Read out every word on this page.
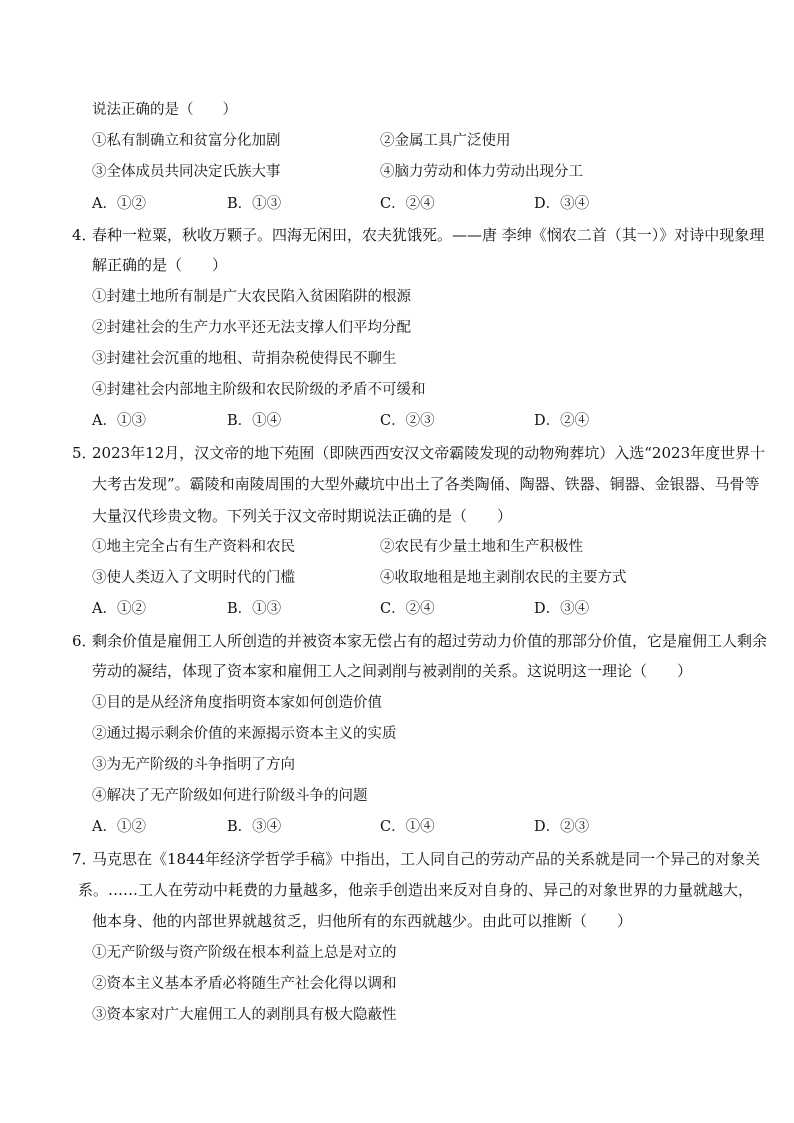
说法正确的是（　　）
①私有制确立和贫富分化加剧	②金属工具广泛使用
③全体成员共同决定氏族大事	④脑力劳动和体力劳动出现分工
A．①②	B．①③	C．②④	D．③④
4．
春种一粒粟，秋收万颗子。四海无闲田，农夫犹饿死。——唐 李绅《悯农二首（其一）》对诗中现象理
解正确的是（　　）
①封建土地所有制是广大农民陷入贫困陷阱的根源
②封建社会的生产力水平还无法支撑人们平均分配
③封建社会沉重的地租、苛捐杂税使得民不聊生
④封建社会内部地主阶级和农民阶级的矛盾不可缓和
A．①③	B．①④	C．②③	D．②④
5．
2023年12月，汉文帝的地下苑囿（即陕西西安汉文帝霸陵发现的动物殉葬坑）入选“2023年度世界十
大考古发现”。霸陵和南陵周围的大型外藏坑中出土了各类陶俑、陶器、铁器、铜器、金银器、马骨等
大量汉代珍贵文物。下列关于汉文帝时期说法正确的是（　　）
①地主完全占有生产资料和农民	②农民有少量土地和生产积极性
③使人类迈入了文明时代的门槛	④收取地租是地主剥削农民的主要方式
A．①②	B．①③	C．②④	D．③④
6．
剩余价值是雇佣工人所创造的并被资本家无偿占有的超过劳动力价值的那部分价值，它是雇佣工人剩余
劳动的凝结，体现了资本家和雇佣工人之间剥削与被剥削的关系。这说明这一理论（　　）
①目的是从经济角度指明资本家如何创造价值
②通过揭示剩余价值的来源揭示资本主义的实质
③为无产阶级的斗争指明了方向
④解决了无产阶级如何进行阶级斗争的问题
A．①②	B．③④	C．①④	D．②③
7．
马克思在《1844年经济学哲学手稿》中指出，工人同自己的劳动产品的关系就是同一个异己的对象关
系。……工人在劳动中耗费的力量越多，他亲手创造出来反对自身的、异己的对象世界的力量就越大，
他本身、他的内部世界就越贫乏，归他所有的东西就越少。由此可以推断（　　）
①无产阶级与资产阶级在根本利益上总是对立的
②资本主义基本矛盾必将随生产社会化得以调和
③资本家对广大雇佣工人的剥削具有极大隐蔽性
